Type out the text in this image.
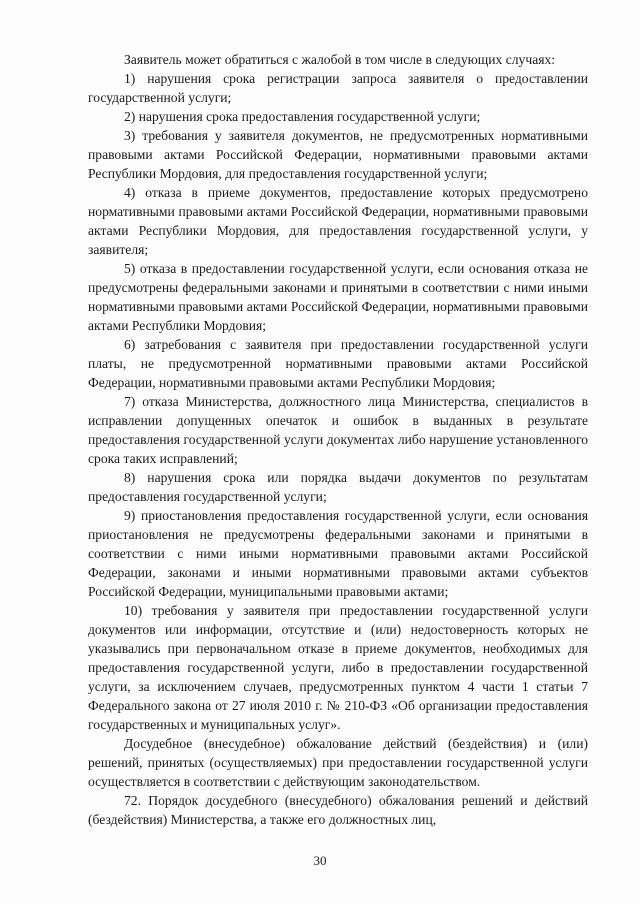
Заявитель может обратиться с жалобой в том числе в следующих случаях:

1) нарушения срока регистрации запроса заявителя о предоставлении государственной услуги;

2) нарушения срока предоставления государственной услуги;

3) требования у заявителя документов, не предусмотренных нормативными правовыми актами Российской Федерации, нормативными правовыми актами Республики Мордовия, для предоставления государственной услуги;

4) отказа в приеме документов, предоставление которых предусмотрено нормативными правовыми актами Российской Федерации, нормативными правовыми актами Республики Мордовия, для предоставления государственной услуги, у заявителя;

5) отказа в предоставлении государственной услуги, если основания отказа не предусмотрены федеральными законами и принятыми в соответствии с ними иными нормативными правовыми актами Российской Федерации, нормативными правовыми актами Республики Мордовия;

6) затребования с заявителя при предоставлении государственной услуги платы, не предусмотренной нормативными правовыми актами Российской Федерации, нормативными правовыми актами Республики Мордовия;

7) отказа Министерства, должностного лица Министерства, специалистов в исправлении допущенных опечаток и ошибок в выданных в результате предоставления государственной услуги документах либо нарушение установленного срока таких исправлений;

8) нарушения срока или порядка выдачи документов по результатам предоставления государственной услуги;

9) приостановления предоставления государственной услуги, если основания приостановления не предусмотрены федеральными законами и принятыми в соответствии с ними иными нормативными правовыми актами Российской Федерации, законами и иными нормативными правовыми актами субъектов Российской Федерации, муниципальными правовыми актами;

10) требования у заявителя при предоставлении государственной услуги документов или информации, отсутствие и (или) недостоверность которых не указывались при первоначальном отказе в приеме документов, необходимых для предоставления государственной услуги, либо в предоставлении государственной услуги, за исключением случаев, предусмотренных пунктом 4 части 1 статьи 7 Федерального закона от 27 июля 2010 г. № 210-ФЗ «Об организации предоставления государственных и муниципальных услуг».

Досудебное (внесудебное) обжалование действий (бездействия) и (или) решений, принятых (осуществляемых) при предоставлении государственной услуги осуществляется в соответствии с действующим законодательством.

72. Порядок досудебного (внесудебного) обжалования решений и действий (бездействия) Министерства, а также его должностных лиц,

30
